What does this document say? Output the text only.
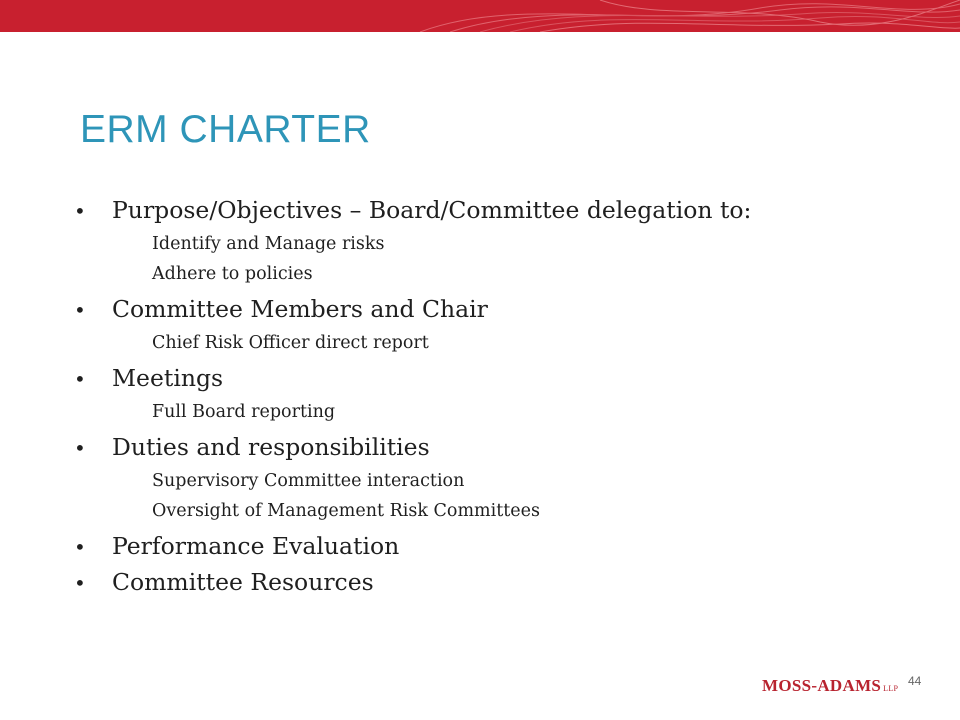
ERM CHARTER
•	Purpose/Objectives – Board/Committee delegation to:
Identify and Manage risks
Adhere to policies
•	Committee Members and Chair
Chief Risk Officer direct report
•	Meetings
Full Board reporting
•	Duties and responsibilities
Supervisory Committee interaction
Oversight of Management Risk Committees
•	Performance Evaluation
•	Committee Resources
MOSS-ADAMS LLP
44
